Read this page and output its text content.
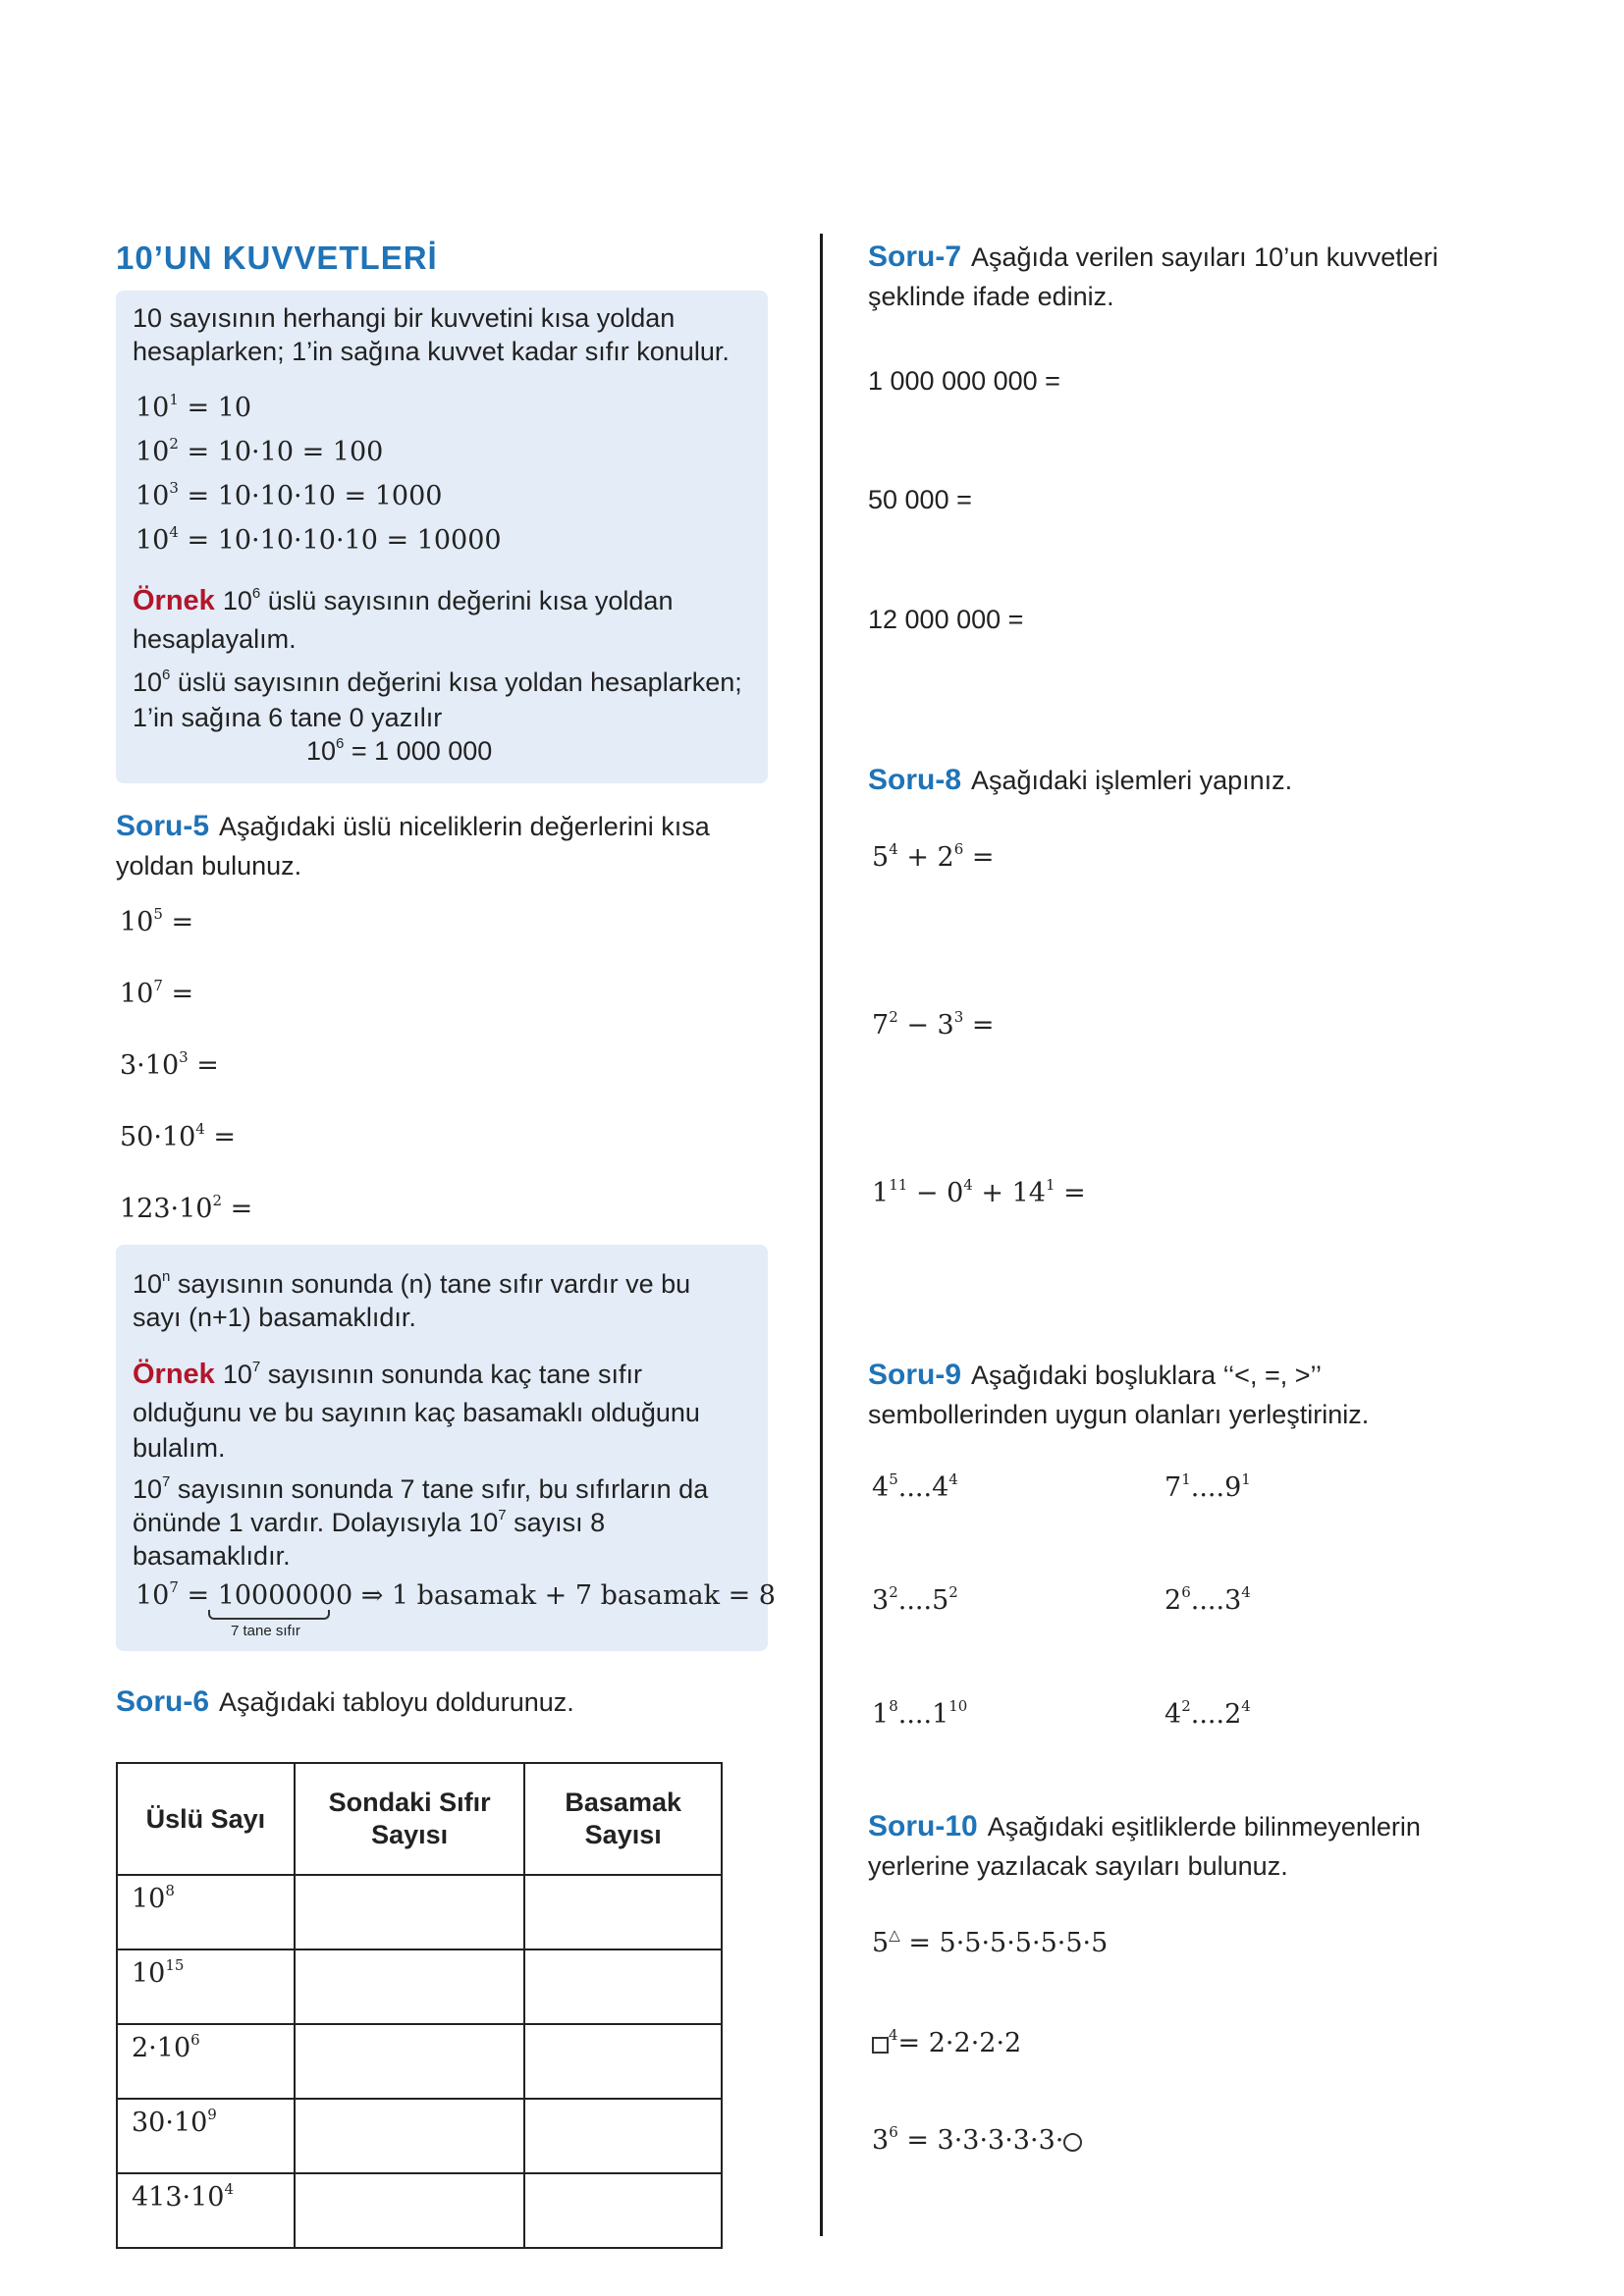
10’UN KUVVETLERİ
10 sayısının herhangi bir kuvvetini kısa yoldan
hesaplarken; 1’in sağına kuvvet kadar sıfır konulur.
$10^1 = 10$
$10^2 = 10\cdot 10 = 100$
$10^3 = 10\cdot 10\cdot 10 = 1000$
$10^4 = 10\cdot 10\cdot 10\cdot 10 = 10000$
Örnek $10^6$ üslü sayısının değerini kısa yoldan
hesaplayalım.
$10^6$ üslü sayısının değerini kısa yoldan hesaplarken;
1’in sağına 6 tane 0 yazılır
$10^6 = 1$ 000 000
Soru-5 Aşağıdaki üslü niceliklerin değerlerini kısa
yoldan bulunuz.
$10^5$ =
$10^7$ =
$3\cdot 10^3$ =
$50\cdot 10^4$ =
$123\cdot 10^2$ =
$10^n$ sayısının sonunda (n) tane sıfır vardır ve bu
sayı (n+1) basamaklıdır.
Örnek $10^7$ sayısının sonunda kaç tane sıfır
olduğunu ve bu sayının kaç basamaklı olduğunu
bulalım.
$10^7$ sayısının sonunda 7 tane sıfır, bu sıfırların da
önünde 1 vardır. Dolayısıyla $10^7$ sayısı 8
basamaklıdır.
$10^7 = 10000000$ ⇒ 1 basamak + 7 basamak = 8
7 tane sıfır
Soru-6 Aşağıdaki tabloyu doldurunuz.
Üslü Sayı	Sondaki Sıfır Sayısı	Basamak Sayısı
$10^8$		
$10^{15}$		
$2\cdot 10^6$		
$30\cdot 10^9$		
$413\cdot 10^4$		
Soru-7 Aşağıda verilen sayıları 10’un kuvvetleri
şeklinde ifade ediniz.
1 000 000 000 =
50 000 =
12 000 000 =
Soru-8 Aşağıdaki işlemleri yapınız.
$5^4 + 2^6$ =
$7^2 - 3^3$ =
$1^{11} - 0^4 + 14^1$ =
Soru-9 Aşağıdaki boşluklara ‘‘<, =, >’’
sembollerinden uygun olanları yerleştiriniz.
$4^5....4^4$	$7^1....9^1$
$3^2....5^2$	$2^6....3^4$
$1^8....1^{10}$	$4^2....2^4$
Soru-10 Aşağıdaki eşitliklerde bilinmeyenlerin
yerlerine yazılacak sayıları bulunuz.
5△ = 5·5·5·5·5·5·5
$^4$= 2·2·2·2
$3^6 = 3\cdot 3\cdot 3\cdot 3\cdot 3\cdot$
